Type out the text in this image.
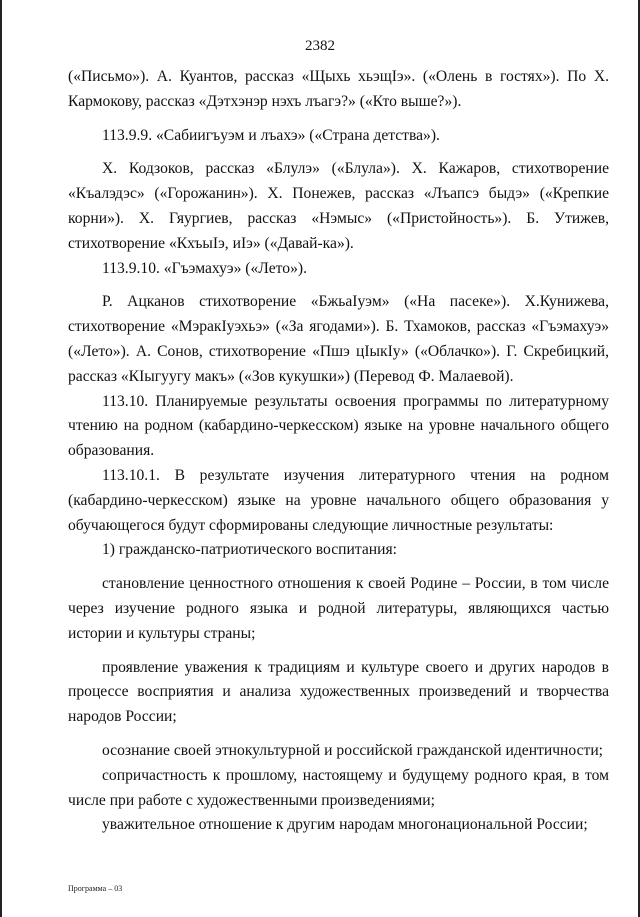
2382

(«Письмо»). А. Куантов, рассказ «Щыхь хьэщIэ». («Олень в гостях»). По Х. Кармокову, рассказ «Дэтхэнэр нэхъ лъагэ?» («Кто выше?»).

113.9.9. «Сабиигъуэм и лъахэ» («Страна детства»).

Х. Кодзоков, рассказ «Блулэ» («Блула»). Х. Кажаров, стихотворение «Къалэдэс» («Горожанин»). Х. Понежев, рассказ «Лъапсэ быдэ» («Крепкие корни»). Х. Гяургиев, рассказ «Нэмыс» («Пристойность»). Б. Утижев, стихотворение «КхъыIэ, иIэ» («Давай-ка»).

113.9.10. «Гъэмахуэ» («Лето»).

Р. Ацканов стихотворение «БжьаIуэм» («На пасеке»). Х.Кунижева, стихотворение «МэракIуэхьэ» («За ягодами»). Б. Тхамоков, рассказ «Гъэмахуэ» («Лето»). А. Сонов, стихотворение «Пшэ цIыкIу» («Облачко»). Г. Скребицкий, рассказ «КIыгуугу макъ» («Зов кукушки») (Перевод Ф. Малаевой).

113.10. Планируемые результаты освоения программы по литературному чтению на родном (кабардино-черкесском) языке на уровне начального общего образования.

113.10.1. В результате изучения литературного чтения на родном (кабардино-черкесском) языке на уровне начального общего образования у обучающегося будут сформированы следующие личностные результаты:

1) гражданско-патриотического воспитания:

становление ценностного отношения к своей Родине – России, в том числе через изучение родного языка и родной литературы, являющихся частью истории и культуры страны;

проявление уважения к традициям и культуре своего и других народов в процессе восприятия и анализа художественных произведений и творчества народов России;

осознание своей этнокультурной и российской гражданской идентичности;

сопричастность к прошлому, настоящему и будущему родного края, в том числе при работе с художественными произведениями;

уважительное отношение к другим народам многонациональной России;

Программа – 03
